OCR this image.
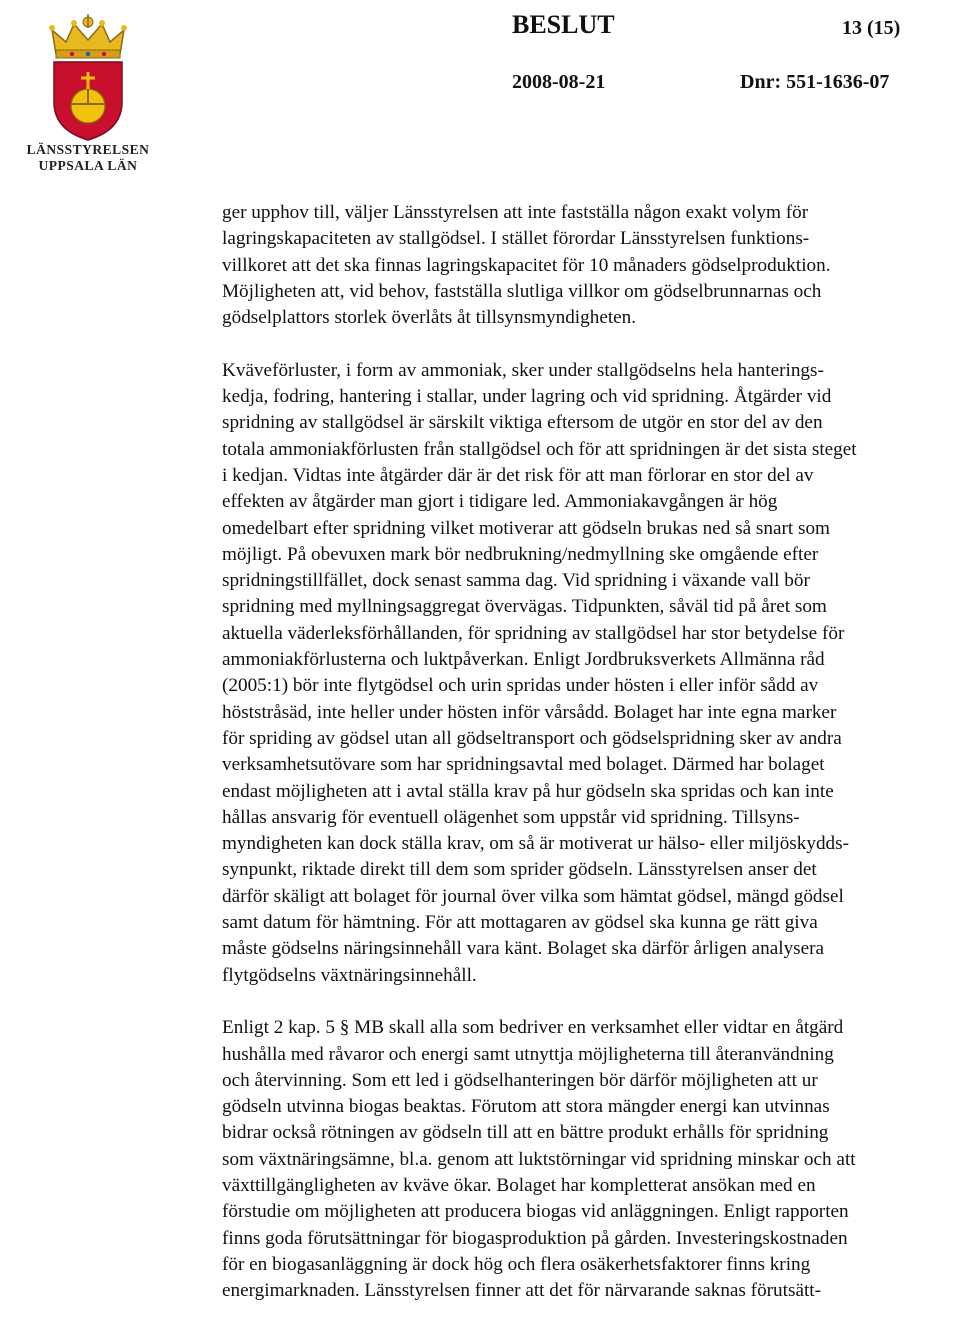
LÄNSSTYRELSEN
UPPSALA LÄN
BESLUT	13 (15)
2008-08-21	Dnr: 551-1636-07

ger upphov till, väljer Länsstyrelsen att inte fastställa någon exakt volym för
lagringskapaciteten av stallgödsel. I stället förordar Länsstyrelsen funktions-
villkoret att det ska finnas lagringskapacitet för 10 månaders gödselproduktion.
Möjligheten att, vid behov, fastställa slutliga villkor om gödselbrunnarnas och
gödselplattors storlek överlåts åt tillsynsmyndigheten.

Kväveförluster, i form av ammoniak, sker under stallgödselns hela hanterings-
kedja, fodring, hantering i stallar, under lagring och vid spridning. Åtgärder vid
spridning av stallgödsel är särskilt viktiga eftersom de utgör en stor del av den
totala ammoniakförlusten från stallgödsel och för att spridningen är det sista steget
i kedjan. Vidtas inte åtgärder där är det risk för att man förlorar en stor del av
effekten av åtgärder man gjort i tidigare led. Ammoniakavgången är hög
omedelbart efter spridning vilket motiverar att gödseln brukas ned så snart som
möjligt. På obevuxen mark bör nedbrukning/nedmyllning ske omgående efter
spridningstillfället, dock senast samma dag. Vid spridning i växande vall bör
spridning med myllningsaggregat övervägas. Tidpunkten, såväl tid på året som
aktuella väderleksförhållanden, för spridning av stallgödsel har stor betydelse för
ammoniakförlusterna och luktpåverkan. Enligt Jordbruksverkets Allmänna råd
(2005:1) bör inte flytgödsel och urin spridas under hösten i eller inför sådd av
höststråsäd, inte heller under hösten inför vårsådd. Bolaget har inte egna marker
för spriding av gödsel utan all gödseltransport och gödselspridning sker av andra
verksamhetsutövare som har spridningsavtal med bolaget. Därmed har bolaget
endast möjligheten att i avtal ställa krav på hur gödseln ska spridas och kan inte
hållas ansvarig för eventuell olägenhet som uppstår vid spridning. Tillsyns-
myndigheten kan dock ställa krav, om så är motiverat ur hälso- eller miljöskydds-
synpunkt, riktade direkt till dem som sprider gödseln. Länsstyrelsen anser det
därför skäligt att bolaget för journal över vilka som hämtat gödsel, mängd gödsel
samt datum för hämtning. För att mottagaren av gödsel ska kunna ge rätt giva
måste gödselns näringsinnehåll vara känt. Bolaget ska därför årligen analysera
flytgödselns växtnäringsinnehåll.

Enligt 2 kap. 5 § MB skall alla som bedriver en verksamhet eller vidtar en åtgärd
hushålla med råvaror och energi samt utnyttja möjligheterna till återanvändning
och återvinning. Som ett led i gödselhanteringen bör därför möjligheten att ur
gödseln utvinna biogas beaktas. Förutom att stora mängder energi kan utvinnas
bidrar också rötningen av gödseln till att en bättre produkt erhålls för spridning
som växtnäringsämne, bl.a. genom att luktstörningar vid spridning minskar och att
växttillgängligheten av kväve ökar. Bolaget har kompletterat ansökan med en
förstudie om möjligheten att producera biogas vid anläggningen. Enligt rapporten
finns goda förutsättningar för biogasproduktion på gården. Investeringskostnaden
för en biogasanläggning är dock hög och flera osäkerhetsfaktorer finns kring
energimarknaden. Länsstyrelsen finner att det för närvarande saknas förutsätt-
